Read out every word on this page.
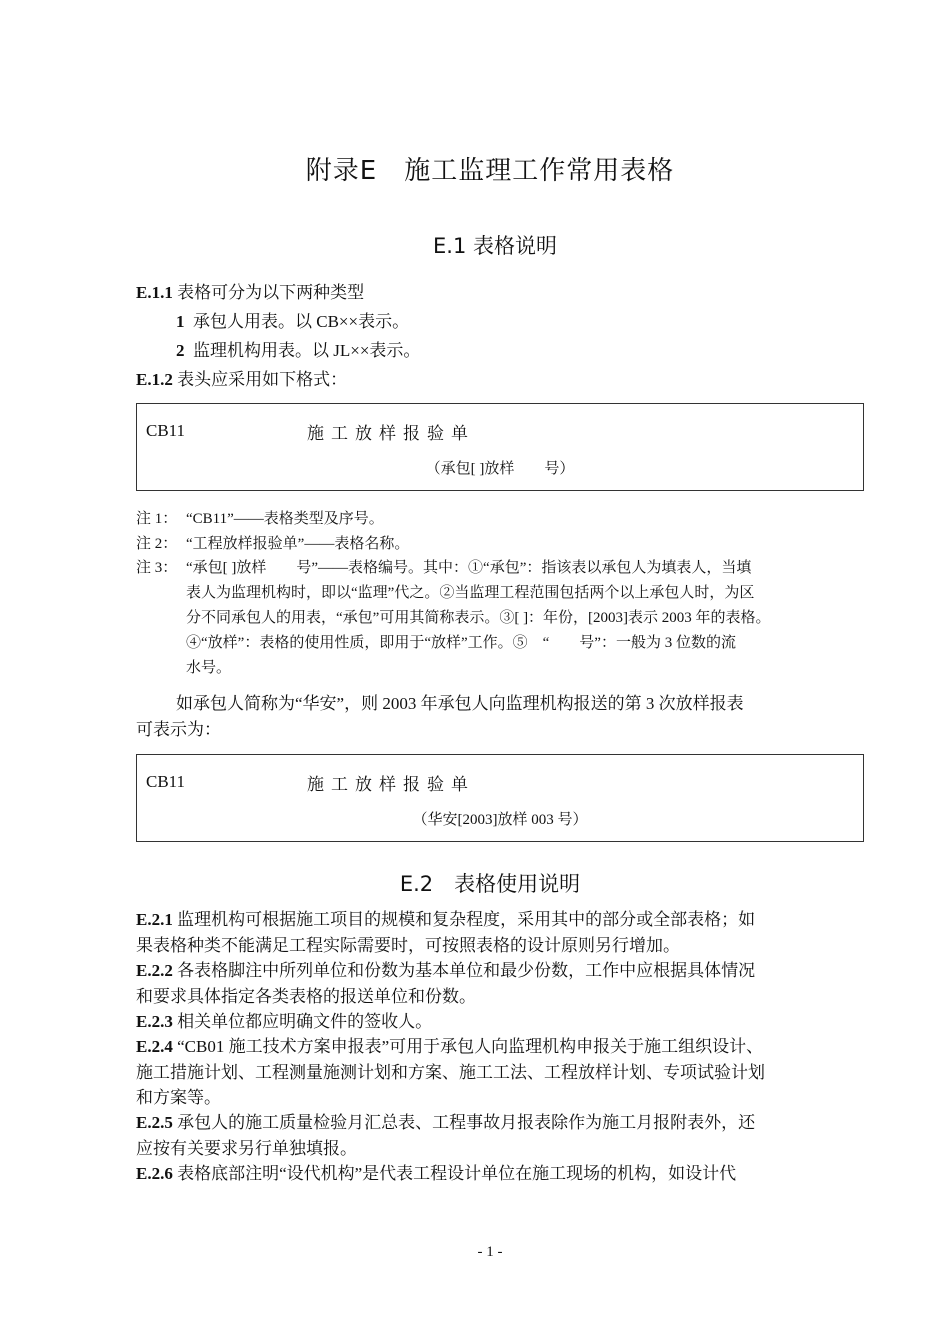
附录E　施工监理工作常用表格
E.1 表格说明
E.1.1 表格可分为以下两种类型
1 承包人用表。以 CB××表示。
2 监理机构用表。以 JL××表示。
E.1.2 表头应采用如下格式：
CB11	施工放样报验单
（承包[ ]放样　　号）
注 1： “CB11”——表格类型及序号。
注 2： “工程放样报验单”——表格名称。
注 3： “承包[ ]放样　　号”——表格编号。其中：①“承包”：指该表以承包人为填表人，当填
表人为监理机构时，即以“监理”代之。②当监理工程范围包括两个以上承包人时，为区
分不同承包人的用表，“承包”可用其简称表示。③[ ]：年份，[2003]表示 2003 年的表格。
④“放样”：表格的使用性质，即用于“放样”工作。⑤　“　　号”：一般为 3 位数的流
水号。
如承包人简称为“华安”，则 2003 年承包人向监理机构报送的第 3 次放样报表
可表示为：
CB11	施工放样报验单
（华安[2003]放样 003 号）
E.2　表格使用说明
E.2.1 监理机构可根据施工项目的规模和复杂程度，采用其中的部分或全部表格；如
果表格种类不能满足工程实际需要时，可按照表格的设计原则另行增加。
E.2.2 各表格脚注中所列单位和份数为基本单位和最少份数，工作中应根据具体情况
和要求具体指定各类表格的报送单位和份数。
E.2.3 相关单位都应明确文件的签收人。
E.2.4 “CB01 施工技术方案申报表”可用于承包人向监理机构申报关于施工组织设计、
施工措施计划、工程测量施测计划和方案、施工工法、工程放样计划、专项试验计划
和方案等。
E.2.5 承包人的施工质量检验月汇总表、工程事故月报表除作为施工月报附表外，还
应按有关要求另行单独填报。
E.2.6 表格底部注明“设代机构”是代表工程设计单位在施工现场的机构，如设计代
- 1 -
